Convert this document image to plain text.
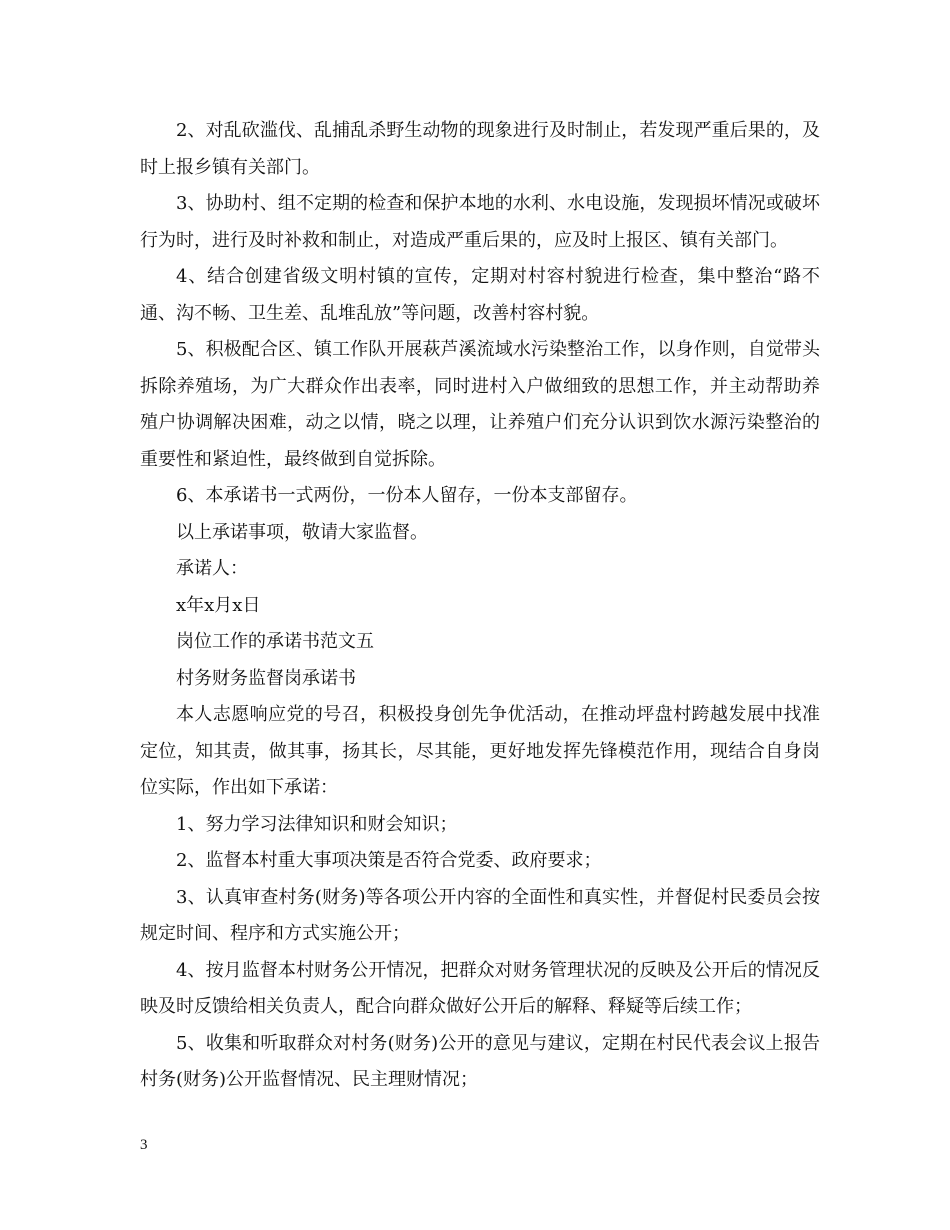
2、对乱砍滥伐、乱捕乱杀野生动物的现象进行及时制止，若发现严重后果的，及时上报乡镇有关部门。

3、协助村、组不定期的检查和保护本地的水利、水电设施，发现损坏情况或破坏行为时，进行及时补救和制止，对造成严重后果的，应及时上报区、镇有关部门。

4、结合创建省级文明村镇的宣传，定期对村容村貌进行检查，集中整治“路不通、沟不畅、卫生差、乱堆乱放”等问题，改善村容村貌。

5、积极配合区、镇工作队开展萩芦溪流域水污染整治工作，以身作则，自觉带头拆除养殖场，为广大群众作出表率，同时进村入户做细致的思想工作，并主动帮助养殖户协调解决困难，动之以情，晓之以理，让养殖户们充分认识到饮水源污染整治的重要性和紧迫性，最终做到自觉拆除。

6、本承诺书一式两份，一份本人留存，一份本支部留存。

以上承诺事项，敬请大家监督。

承诺人：

x年x月x日

岗位工作的承诺书范文五

村务财务监督岗承诺书

本人志愿响应党的号召，积极投身创先争优活动，在推动坪盘村跨越发展中找准定位，知其责，做其事，扬其长，尽其能，更好地发挥先锋模范作用，现结合自身岗位实际，作出如下承诺：

1、努力学习法律知识和财会知识；

2、监督本村重大事项决策是否符合党委、政府要求；

3、认真审查村务(财务)等各项公开内容的全面性和真实性，并督促村民委员会按规定时间、程序和方式实施公开；

4、按月监督本村财务公开情况，把群众对财务管理状况的反映及公开后的情况反映及时反馈给相关负责人，配合向群众做好公开后的解释、释疑等后续工作；

5、收集和听取群众对村务(财务)公开的意见与建议，定期在村民代表会议上报告村务(财务)公开监督情况、民主理财情况；

3
